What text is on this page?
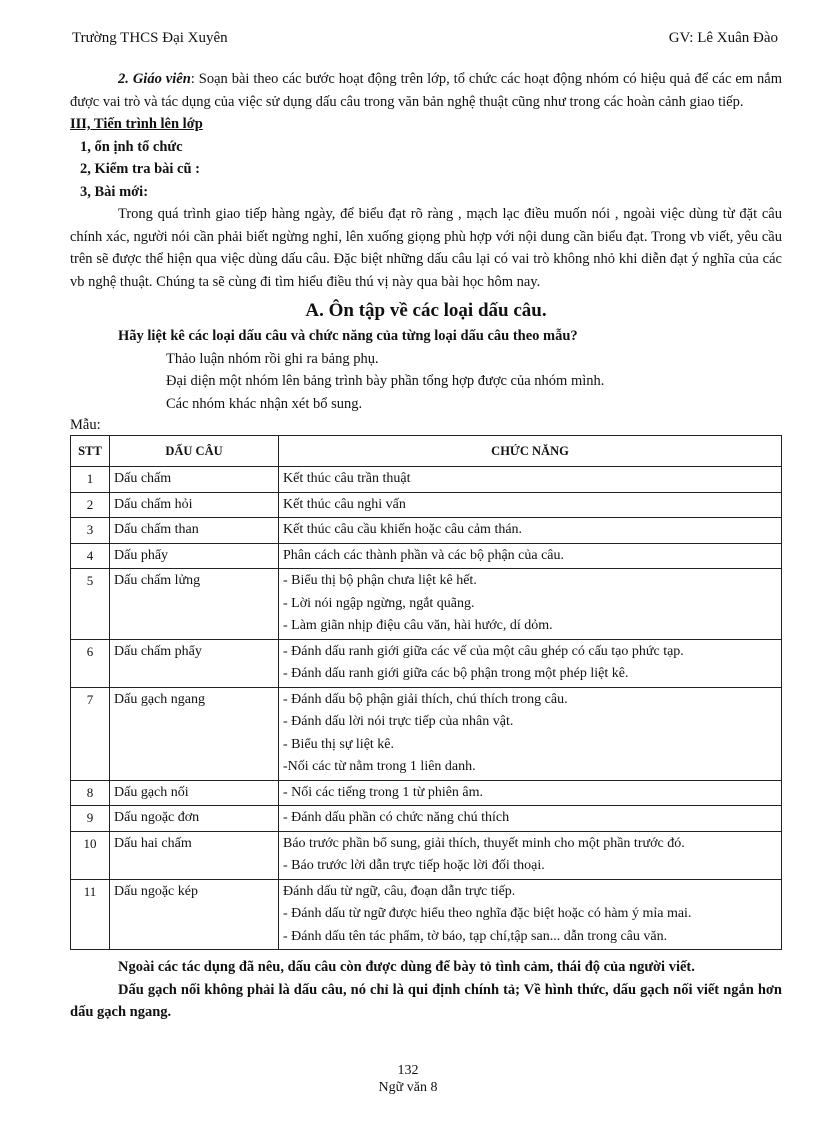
Trường THCS Đại Xuyên	GV: Lê Xuân Đào

2. Giáo viên: Soạn bài theo các bước hoạt động trên lớp, tổ chức các hoạt động nhóm có hiệu quả để các em nắm được vai trò và tác dụng của việc sử dụng dấu câu trong văn bản nghệ thuật cũng như trong các hoàn cảnh giao tiếp.

III, Tiến trình lên lớp

1, ổn ịnh tổ chức

2, Kiểm tra bài cũ :

3, Bài mới:

Trong quá trình giao tiếp hàng ngày, để biểu đạt rõ ràng , mạch lạc điều muốn nói , ngoài việc dùng từ đặt câu chính xác, người nói cần phải biết ngừng nghỉ, lên xuống giọng phù hợp với nội dung cần biểu đạt. Trong vb viết, yêu cầu trên sẽ được thể hiện qua việc dùng dấu câu. Đặc biệt những dấu câu lại có vai trò không nhỏ khi diễn đạt ý nghĩa của các vb nghệ thuật. Chúng ta sẽ cùng đi tìm hiểu điều thú vị này qua bài học hôm nay.

A. Ôn tập về các loại dấu câu.

Hãy liệt kê các loại dấu câu và chức năng của từng loại dấu câu theo mẫu?

Thảo luận nhóm rồi ghi ra bảng phụ.

Đại diện một nhóm lên bảng trình bày phần tổng hợp được của nhóm mình.

Các nhóm khác nhận xét bổ sung.

Mẫu:

STT	DẤU CÂU	CHỨC NĂNG
1	Dấu chấm	Kết thúc câu trần thuật

2	Dấu chấm hỏi	Kết thúc câu nghi vấn

3	Dấu chấm than	Kết thúc câu cầu khiến hoặc câu cảm thán.

4	Dấu phẩy	Phân cách các thành phần và các bộ phận của câu.

5	Dấu chấm lửng	- Biểu thị bộ phận chưa liệt kê hết.
- Lời nói ngập ngừng, ngắt quãng.
- Làm giãn nhịp điệu câu văn, hài hước, dí dỏm.

6	Dấu chấm phẩy	- Đánh dấu ranh giới giữa các vế của một câu ghép có cấu tạo phức tạp.
- Đánh dấu ranh giới giữa các bộ phận trong một phép liệt kê.

7	Dấu gạch ngang	- Đánh dấu bộ phận giải thích, chú thích trong câu.
- Đánh dấu lời nói trực tiếp của nhân vật.
- Biểu thị sự liệt kê.
-Nối các từ nằm trong 1 liên danh.

8	Dấu gạch nối	- Nối các tiếng trong 1 từ phiên âm.

9	Dấu ngoặc đơn	- Đánh dấu phần có chức năng chú thích

10	Dấu hai chấm	Báo trước phần bổ sung, giải thích, thuyết minh cho một phần trước đó.
- Báo trước lời dẫn trực tiếp hoặc lời đối thoại.

11	Dấu ngoặc kép	Đánh dấu từ ngữ, câu, đoạn dẫn trực tiếp.
- Đánh dấu từ ngữ được hiểu theo nghĩa đặc biệt hoặc có hàm ý mỉa mai.
- Đánh dấu tên tác phẩm, tờ báo, tạp chí,tập san... dẫn trong câu văn.

Ngoài các tác dụng đã nêu, dấu câu còn được dùng để bày tỏ tình cảm, thái độ của người viết.

Dấu gạch nối không phải là dấu câu, nó chỉ là qui định chính tả; Về hình thức, dấu gạch nối viết ngắn hơn dấu gạch ngang.

132
Ngữ văn 8
